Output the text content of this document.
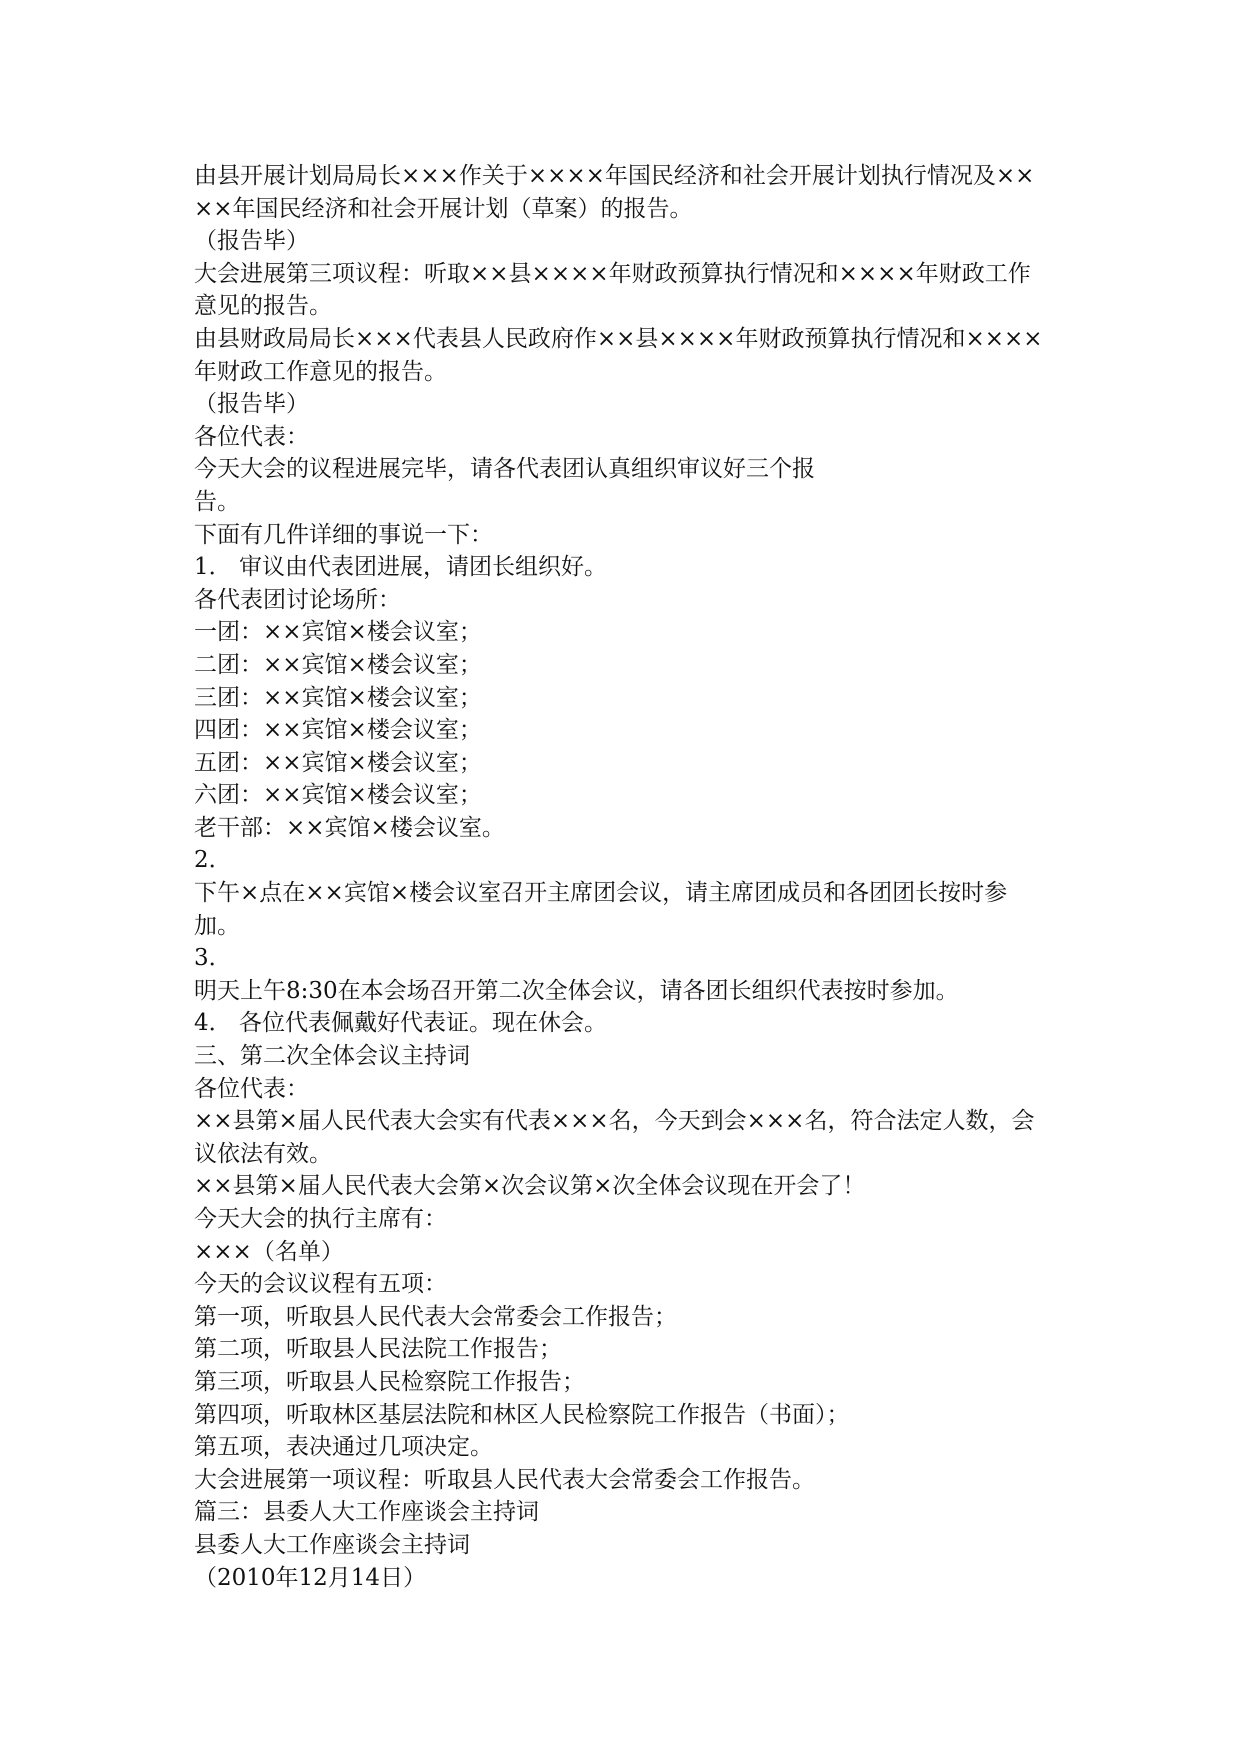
由县开展计划局局长×××作关于××××年国民经济和社会开展计划执行情况及××
××年国民经济和社会开展计划（草案）的报告。
（报告毕）
大会进展第三项议程：听取××县××××年财政预算执行情况和××××年财政工作
意见的报告。
由县财政局局长×××代表县人民政府作××县××××年财政预算执行情况和××××
年财政工作意见的报告。
（报告毕）
各位代表：
今天大会的议程进展完毕，请各代表团认真组织审议好三个报
告。
下面有几件详细的事说一下：
1． 审议由代表团进展，请团长组织好。
各代表团讨论场所：
一团：××宾馆×楼会议室；
二团：××宾馆×楼会议室；
三团：××宾馆×楼会议室；
四团：××宾馆×楼会议室；
五团：××宾馆×楼会议室；
六团：××宾馆×楼会议室；
老干部：××宾馆×楼会议室。
2．
下午×点在××宾馆×楼会议室召开主席团会议，请主席团成员和各团团长按时参
加。
3．
明天上午8:30在本会场召开第二次全体会议，请各团长组织代表按时参加。
4． 各位代表佩戴好代表证。现在休会。
三、第二次全体会议主持词
各位代表：
××县第×届人民代表大会实有代表×××名，今天到会×××名，符合法定人数，会
议依法有效。
××县第×届人民代表大会第×次会议第×次全体会议现在开会了！
今天大会的执行主席有：
×××（名单）
今天的会议议程有五项：
第一项，听取县人民代表大会常委会工作报告；
第二项，听取县人民法院工作报告；
第三项，听取县人民检察院工作报告；
第四项，听取林区基层法院和林区人民检察院工作报告（书面）；
第五项，表决通过几项决定。
大会进展第一项议程：听取县人民代表大会常委会工作报告。
篇三：县委人大工作座谈会主持词
县委人大工作座谈会主持词
（2010年12月14日）
